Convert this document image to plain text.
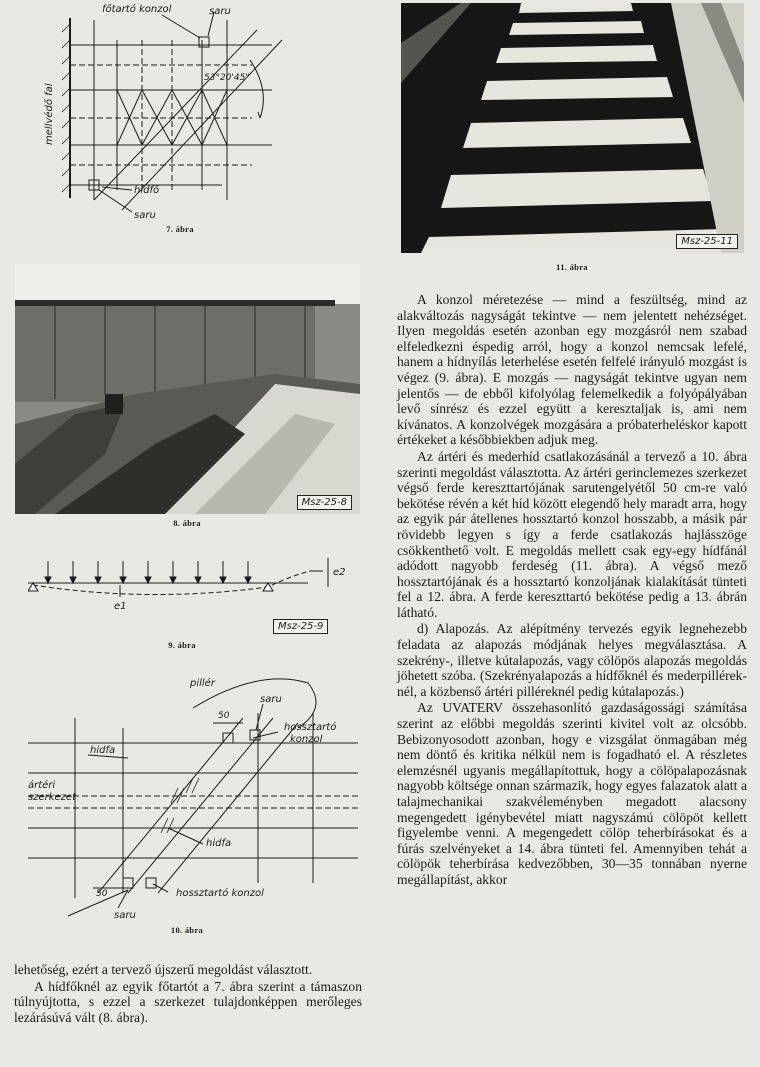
főtartó konzol	saru
53°20'45"
mellvédő fal
hídfő
saru
7. ábra
Msz-25-8
8. ábra
e2
e1
Msz-25-9
9. ábra
pillér
50
saru
hossztartó
konzol
hidfa
ártéri
szerkezet
hidfa
50	hossztartó konzol
saru
10. ábra

lehetőség, ezért a tervező újszerű megoldást választott.

A hídfőknél az egyik főtartót a 7. ábra szerint a támaszon túlnyújtotta, s ezzel a szerkezet tulajdonképpen merőleges lezárásúvá vált (8. ábra).

Msz-25-11
11. ábra

A konzol méretezése — mind a feszültség, mind az alakváltozás nagyságát tekintve — nem jelentett nehézséget. Ilyen megoldás esetén azonban egy mozgásról nem szabad elfeledkezni éspedig arról, hogy a konzol nemcsak lefelé, hanem a hídnyílás leterhelése esetén felfelé irányuló mozgást is végez (9. ábra). E mozgás — nagyságát tekintve ugyan nem jelentős — de ebből kifolyólag felemelkedik a folyópályában levő sínrész és ezzel együtt a keresztaljak is, ami nem kívánatos. A konzolvégek mozgására a próbaterheléskor kapott értékeket a későbbiekben adjuk meg.

Az ártéri és mederhíd csatlakozásánál a tervező a 10. ábra szerinti megoldást választotta. Az ártéri gerinclemezes szerkezet végső ferde kereszttartójának sarutengelyétől 50 cm-re való bekötése révén a két híd között elegendő hely maradt arra, hogy az egyik pár átellenes hossztartó konzol hosszabb, a másik pár rövidebb legyen s így a ferde csatlakozás hajlásszöge csökkenthető volt. E megoldás mellett csak egy-egy hídfánál adódott nagyobb ferdeség (11. ábra). A végső mező hossztartójának és a hossztartó konzoljának kialakítását tünteti fel a 12. ábra. A ferde kereszttartó bekötése pedig a 13. ábrán látható.

d) Alapozás. Az alépítmény tervezés egyik legnehezebb feladata az alapozás módjának helyes megválasztása. A szekrény-, illetve kútalapozás, vagy cölöpös alapozás megoldás jöhetett szóba. (Szekrényalapozás a hídfőknél és mederpilléreknél, a közbenső ártéri pilléreknél pedig kútalapozás.)

Az UVATERV összehasonlító gazdaságossági számítása szerint az előbbi megoldás szerinti kivitel volt az olcsóbb. Bebizonyosodott azonban, hogy e vizsgálat önmagában még nem döntő és kritika nélkül nem is fogadható el. A részletes elemzésnél ugyanis megállapítottuk, hogy a cölöpalapozásnak nagyobb költsége onnan származik, hogy egyes falazatok alatt a talajmechanikai szakvéleményben megadott alacsony megengedett igénybevétel miatt nagyszámú cölöpöt kellett figyelembe venni. A megengedett cölöp teherbírásokat és a fúrás szelvényeket a 14. ábra tünteti fel. Amennyiben tehát a cölöpök teherbírása kedvezőbben, 30—35 tonnában nyerne megállapítást, akkor
